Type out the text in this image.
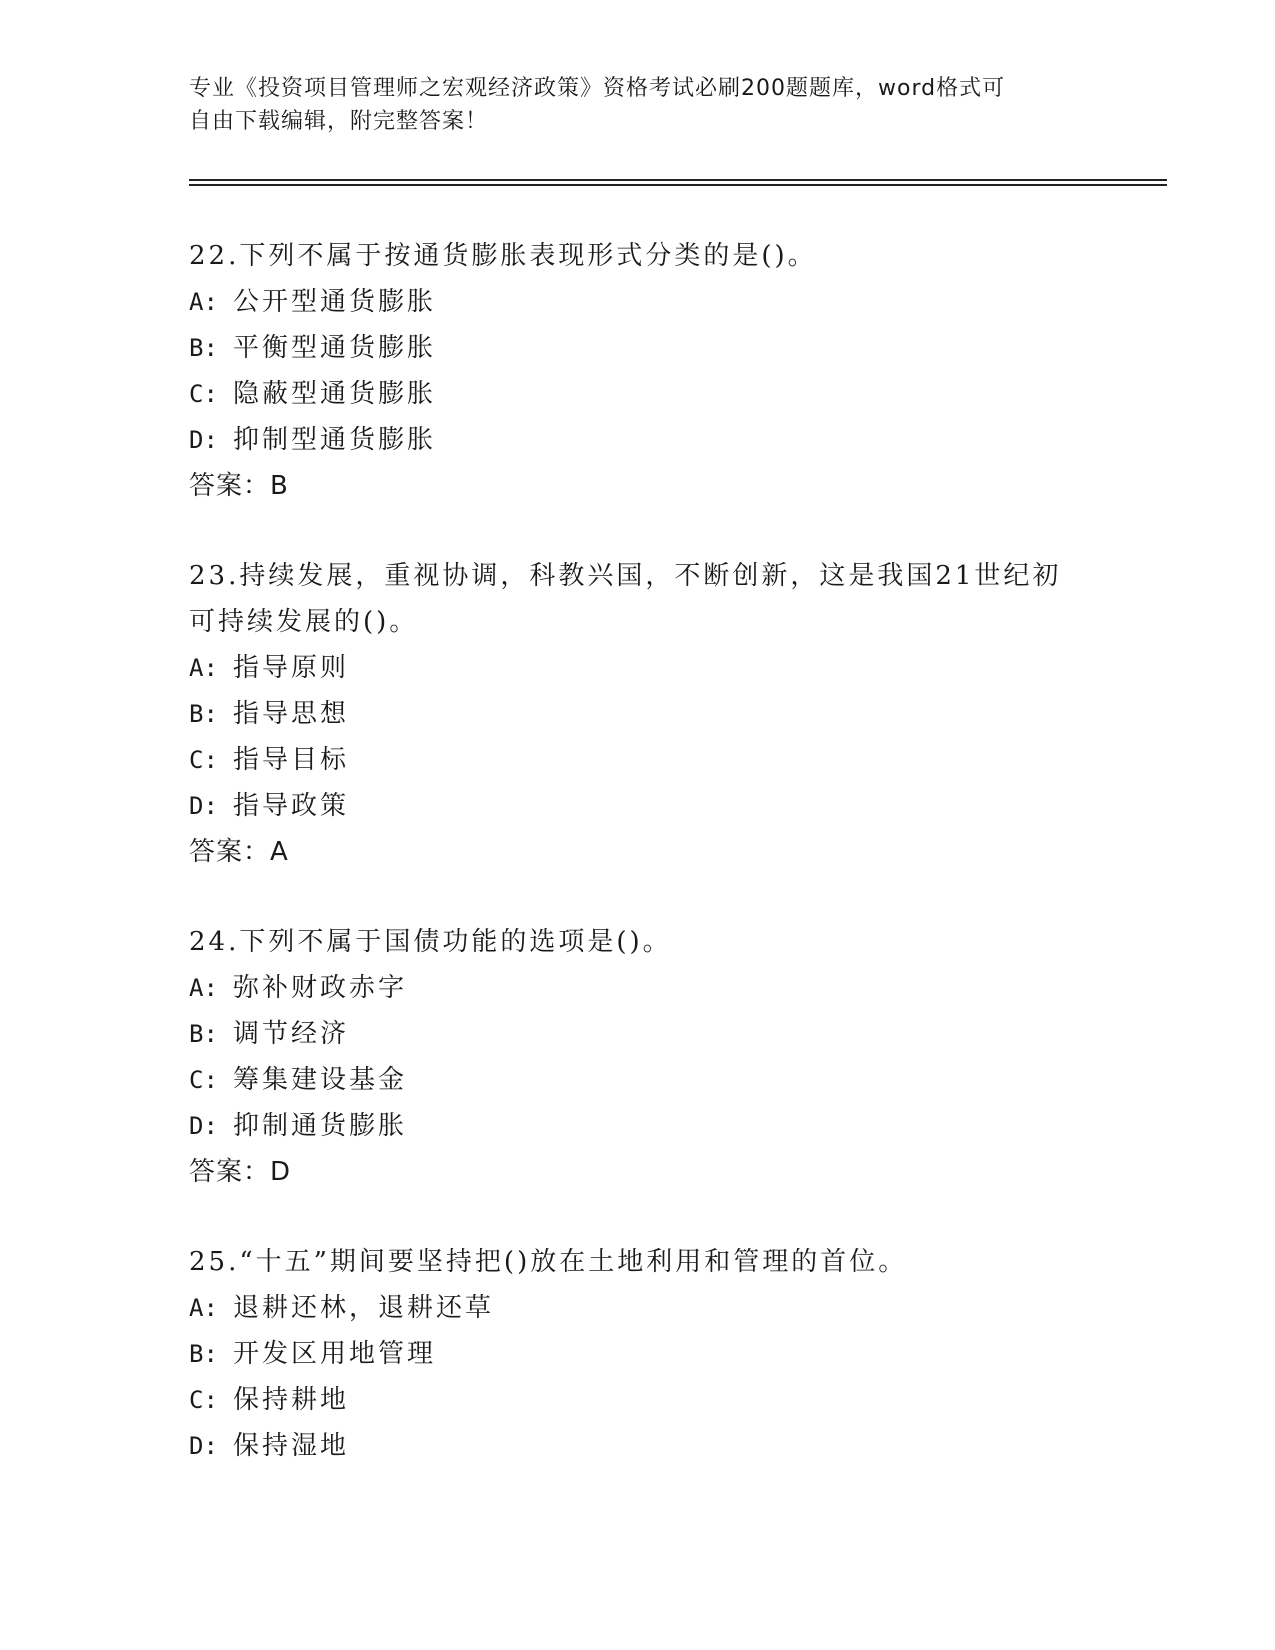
专业《投资项目管理师之宏观经济政策》资格考试必刷200题题库，word格式可
自由下载编辑，附完整答案！

22.下列不属于按通货膨胀表现形式分类的是()。

A: 公开型通货膨胀

B: 平衡型通货膨胀

C: 隐蔽型通货膨胀

D: 抑制型通货膨胀

答案：B

23.持续发展，重视协调，科教兴国，不断创新，这是我国21世纪初

可持续发展的()。

A: 指导原则

B: 指导思想

C: 指导目标

D: 指导政策

答案：A

24.下列不属于国债功能的选项是()。

A: 弥补财政赤字

B: 调节经济

C: 筹集建设基金

D: 抑制通货膨胀

答案：D

25.“十五”期间要坚持把()放在土地利用和管理的首位。

A: 退耕还林，退耕还草

B: 开发区用地管理

C: 保持耕地

D: 保持湿地
